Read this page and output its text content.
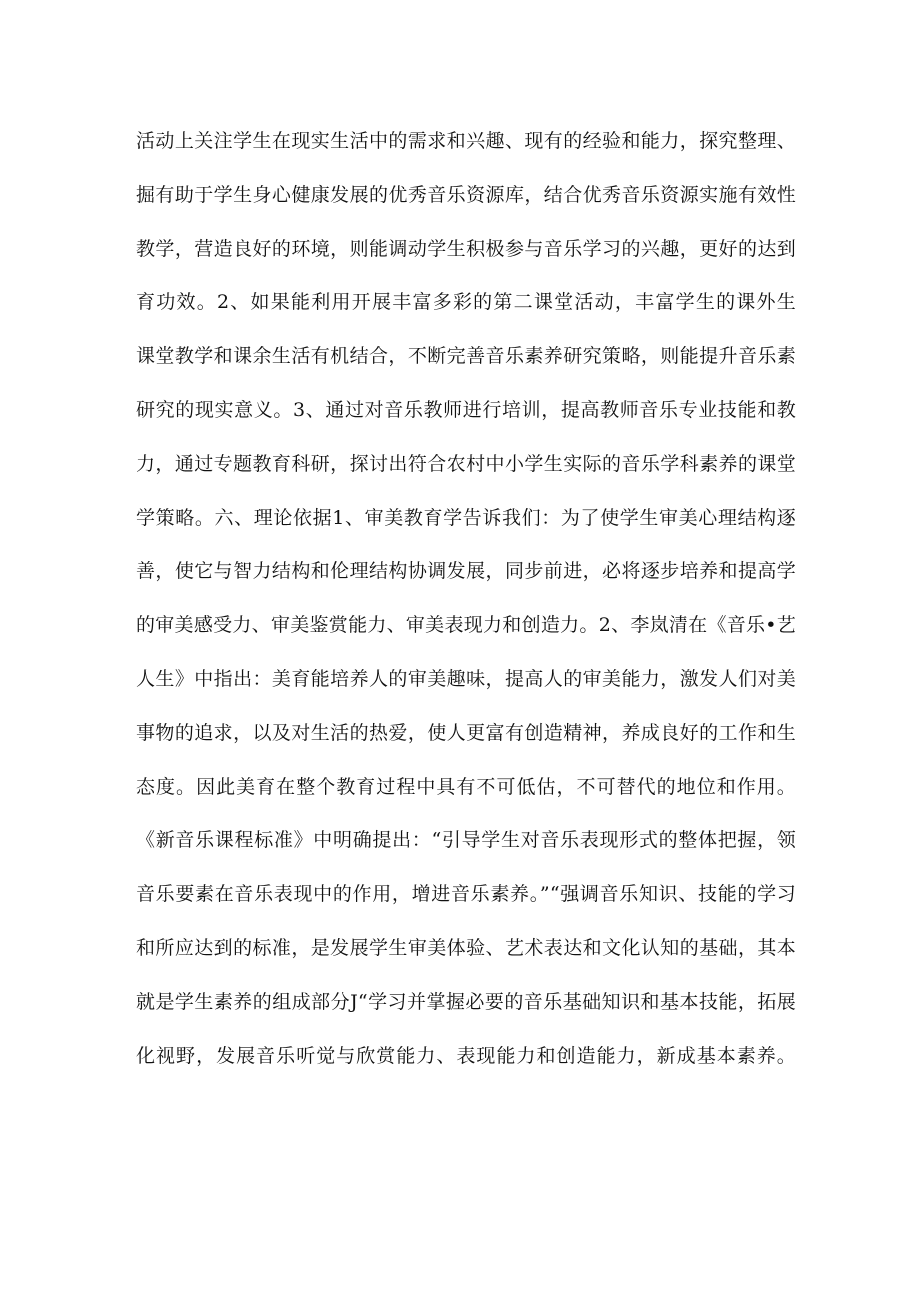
活动上关注学生在现实生活中的需求和兴趣、现有的经验和能力，探究整理、
掘有助于学生身心健康发展的优秀音乐资源库，结合优秀音乐资源实施有效性
教学，营造良好的环境，则能调动学生积极参与音乐学习的兴趣，更好的达到
育功效。2、如果能利用开展丰富多彩的第二课堂活动，丰富学生的课外生
课堂教学和课余生活有机结合，不断完善音乐素养研究策略，则能提升音乐素
研究的现实意义。3、通过对音乐教师进行培训，提高教师音乐专业技能和教
力，通过专题教育科研，探讨出符合农村中小学生实际的音乐学科素养的课堂
学策略。六、理论依据1、审美教育学告诉我们：为了使学生审美心理结构逐
善，使它与智力结构和伦理结构协调发展，同步前进，必将逐步培养和提高学
的审美感受力、审美鉴赏能力、审美表现力和创造力。2、李岚清在《音乐•艺
人生》中指出：美育能培养人的审美趣味，提高人的审美能力，激发人们对美
事物的追求，以及对生活的热爱，使人更富有创造精神，养成良好的工作和生
态度。因此美育在整个教育过程中具有不可低估，不可替代的地位和作用。
《新音乐课程标准》中明确提出：“引导学生对音乐表现形式的整体把握，领
音乐要素在音乐表现中的作用，增进音乐素养。”“强调音乐知识、技能的学习
和所应达到的标准，是发展学生审美体验、艺术表达和文化认知的基础，其本
就是学生素养的组成部分J“学习并掌握必要的音乐基础知识和基本技能，拓展
化视野，发展音乐听觉与欣赏能力、表现能力和创造能力，新成基本素养。
